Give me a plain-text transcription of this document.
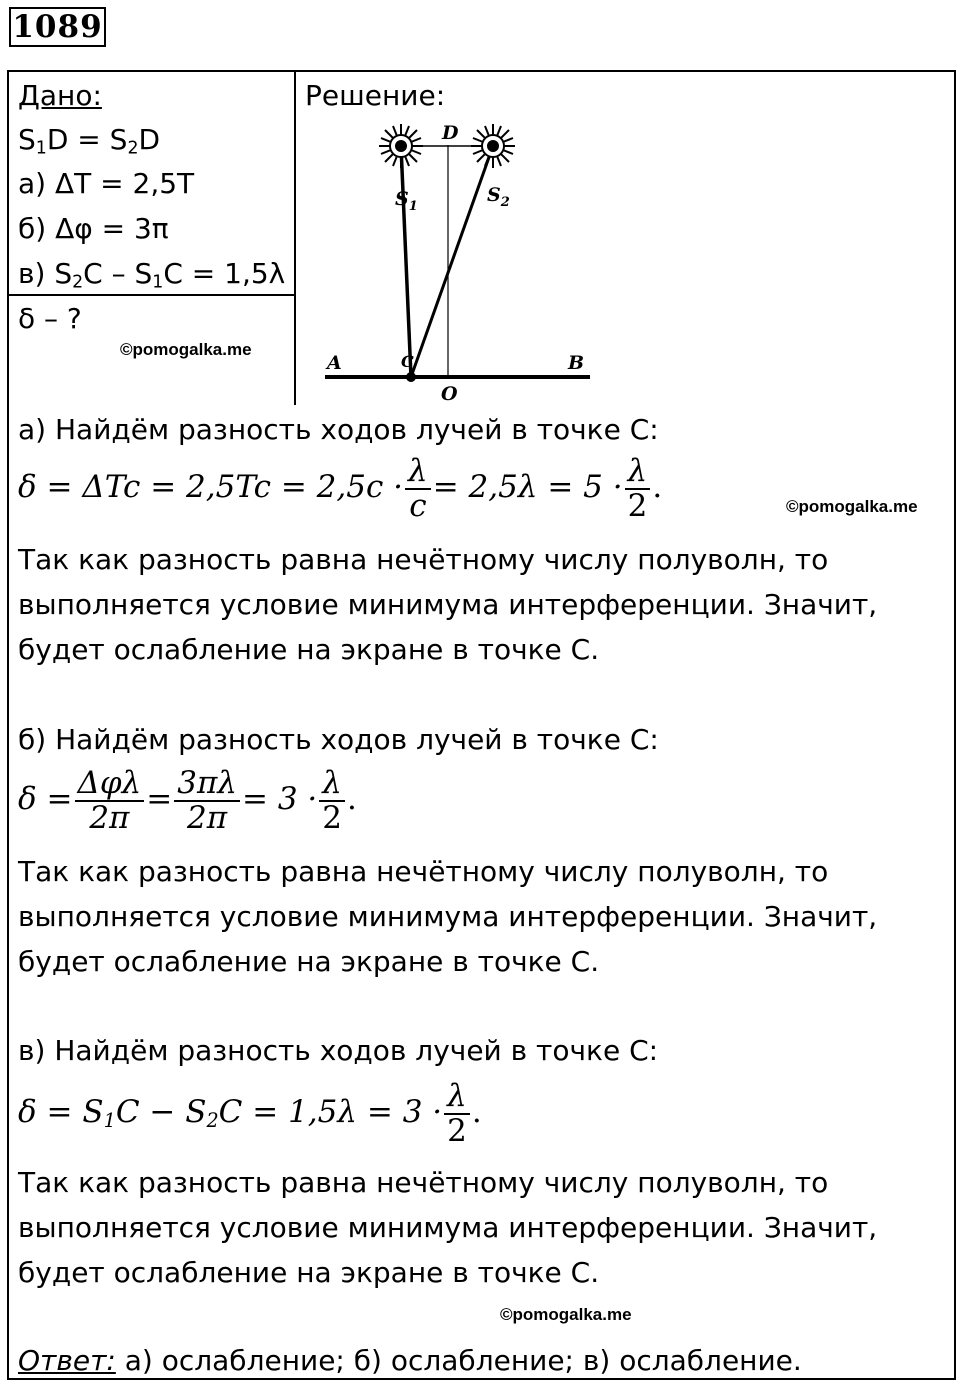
1089
Дано:
$S_1D = S_2D$
а) ΔT = 2,5T
б) Δφ = 3π
в) $S_2C - S_1C = 1,5\lambda$
δ – ?
©pomogalka.me
Решение:
D
$S_1$
$S_2$
A	B
C
O
а) Найдём разность ходов лучей в точке С:
$\delta = \Delta Tc = 2,5Tc = 2,5c \cdot \frac{\lambda}{c} = 2,5\lambda = 5 \cdot \frac{\lambda}{2}$ .
©pomogalka.me
Так как разность равна нечётному числу полуволн, то
выполняется условие минимума интерференции. Значит,
будет ослабление на экране в точке С.
б) Найдём разность ходов лучей в точке С:
δ = Δφλ
2π
= $\frac{3\pi\lambda}{2\pi} = 3 \cdot \frac{\lambda}{2}$ .
Так как разность равна нечётному числу полуволн, то
выполняется условие минимума интерференции. Значит,
будет ослабление на экране в точке С.
в) Найдём разность ходов лучей в точке С:
$\delta = S_1C - S_2C = 1,5\lambda = 3 \cdot \frac{\lambda}{2}$ .
Так как разность равна нечётному числу полуволн, то
выполняется условие минимума интерференции. Значит,
будет ослабление на экране в точке С.
©pomogalka.me
Ответ: а) ослабление; б) ослабление; в) ослабление.
